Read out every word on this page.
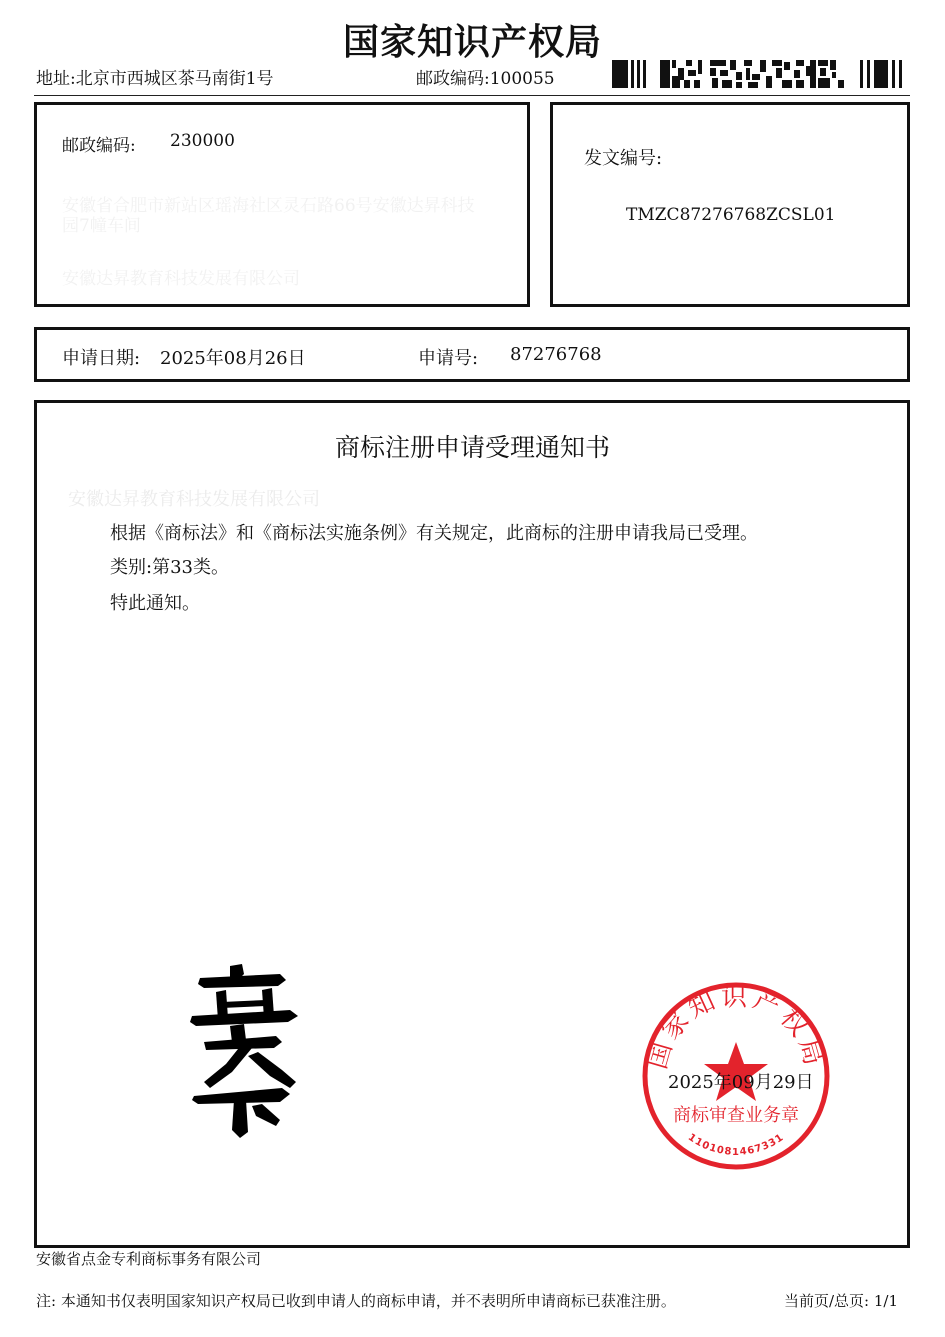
国家知识产权局
地址:北京市西城区茶马南街1号	邮政编码:100055
邮政编码: 230000
安徽省合肥市新站区瑶海社区灵石路66号安徽达昇科技
园7幢车间
安徽达昇教育科技发展有限公司
发文编号:
TMZC87276768ZCSL01
申请日期: 2025年08月26日	申请号: 87276768
商标注册申请受理通知书
安徽达昇教育科技发展有限公司
根据《商标法》和《商标法实施条例》有关规定，此商标的注册申请我局已受理。
类别:第33类。
特此通知。
国家知识产权局
商标审查业务章
1101081467331
2025年09月29日
安徽省点金专利商标事务有限公司
注: 本通知书仅表明国家知识产权局已收到申请人的商标申请，并不表明所申请商标已获准注册。	当前页/总页: 1/1
